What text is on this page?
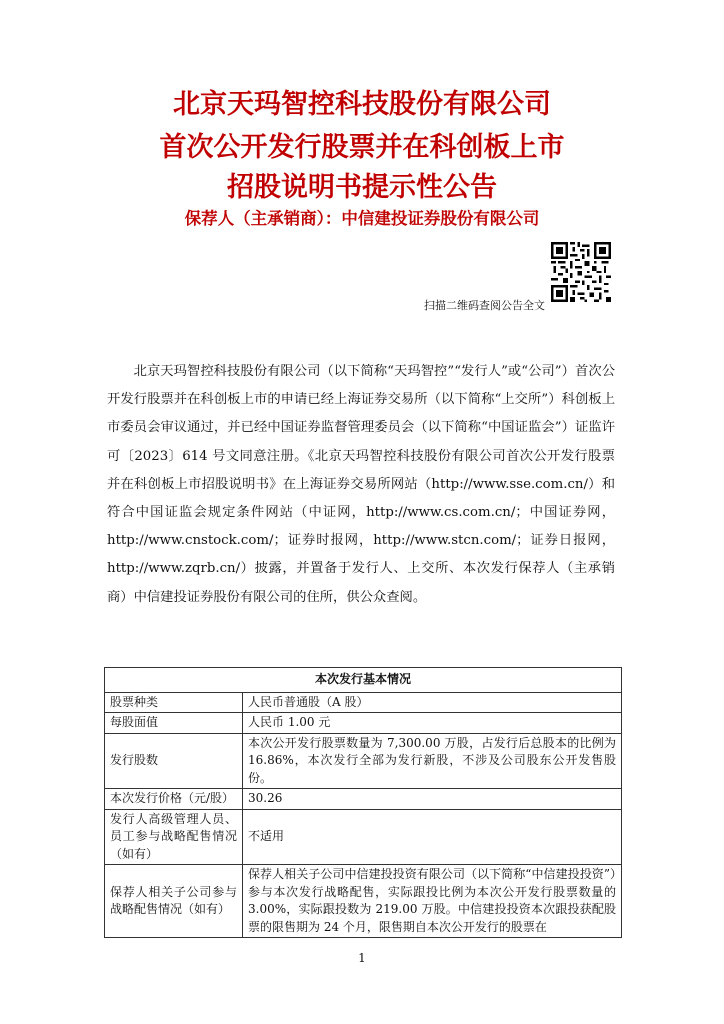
北京天玛智控科技股份有限公司
首次公开发行股票并在科创板上市
招股说明书提示性公告
保荐人（主承销商）：中信建投证券股份有限公司
扫描二维码查阅公告全文

北京天玛智控科技股份有限公司（以下简称“天玛智控”“发行人”或“公司”）首次公开发行股票并在科创板上市的申请已经上海证券交易所（以下简称“上交所”）科创板上市委员会审议通过，并已经中国证券监督管理委员会（以下简称“中国证监会”）证监许可〔2023〕614 号文同意注册。《北京天玛智控科技股份有限公司首次公开发行股票并在科创板上市招股说明书》在上海证券交易所网站（http://www.sse.com.cn/）和符合中国证监会规定条件网站（中证网，http://www.cs.com.cn/；中国证券网，http://www.cnstock.com/；证券时报网，http://www.stcn.com/；证券日报网，http://www.zqrb.cn/）披露，并置备于发行人、上交所、本次发行保荐人（主承销商）中信建投证券股份有限公司的住所，供公众查阅。

本次发行基本情况	
股票种类	人民币普通股（A 股）
每股面值	人民币 1.00 元
发行股数	本次公开发行股票数量为 7,300.00 万股，占发行后总股本的比例为 16.86%，本次发行全部为发行新股，不涉及公司股东公开发售股份。
本次发行价格（元/股）	30.26
发行人高级管理人员、员工参与战略配售情况（如有）	不适用
保荐人相关子公司参与战略配售情况（如有）	保荐人相关子公司中信建投投资有限公司（以下简称“中信建投投资”）参与本次发行战略配售，实际跟投比例为本次公开发行股票数量的 3.00%，实际跟投数为 219.00 万股。中信建投投资本次跟投获配股票的限售期为 24 个月，限售期自本次公开发行的股票在
1
